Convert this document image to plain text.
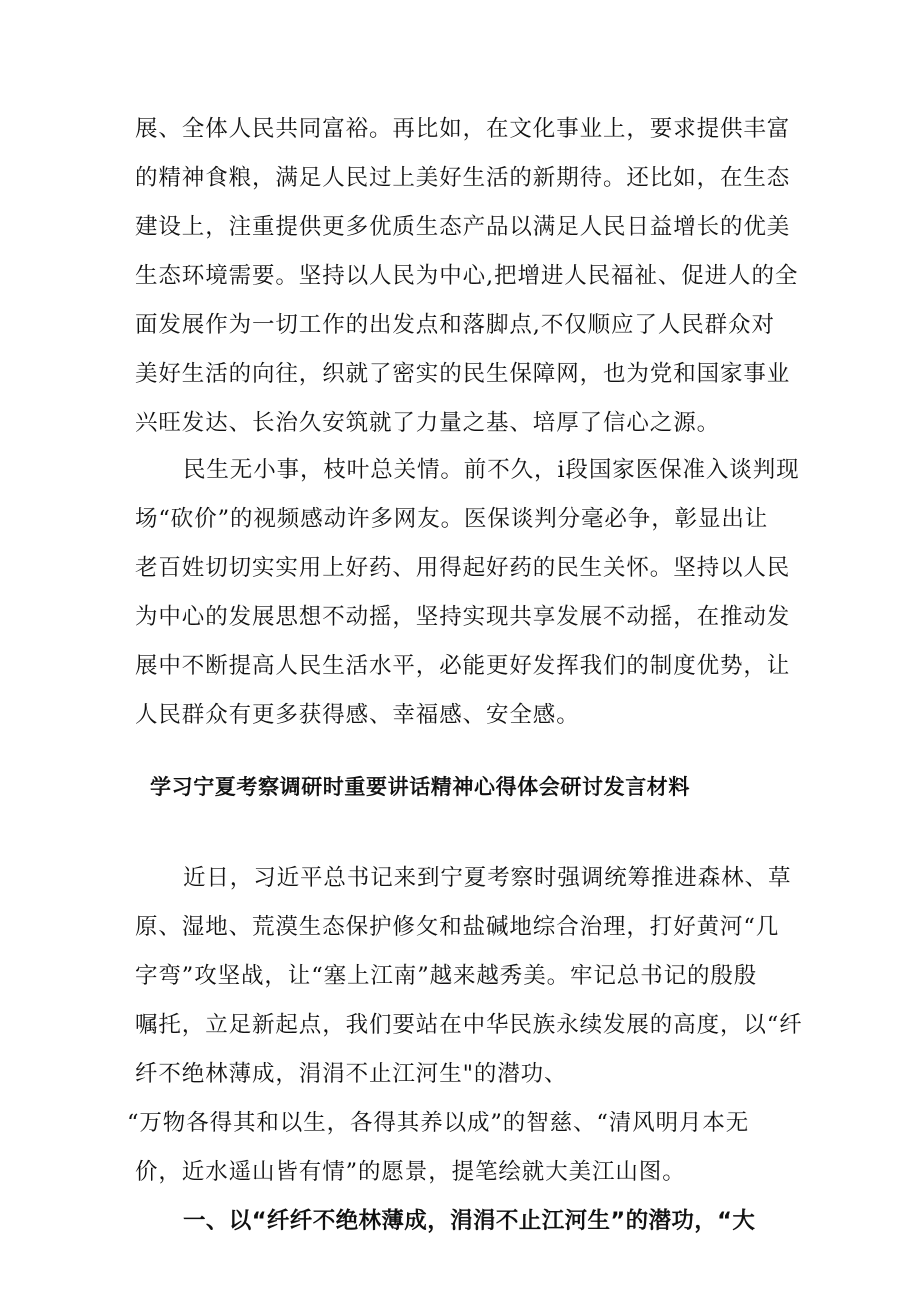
展、全体人民共同富裕。再比如，在文化事业上，要求提供丰富
的精神食粮，满足人民过上美好生活的新期待。还比如，在生态
建设上，注重提供更多优质生态产品以满足人民日益增长的优美
生态环境需要。坚持以人民为中心,把增进人民福祉、促进人的全
面发展作为一切工作的出发点和落脚点,不仅顺应了人民群众对
美好生活的向往，织就了密实的民生保障网，也为党和国家事业
兴旺发达、长治久安筑就了力量之基、培厚了信心之源。
民生无小事，枝叶总关情。前不久，i段国家医保准入谈判现
场“砍价”的视频感动许多网友。医保谈判分毫必争，彰显出让
老百姓切切实实用上好药、用得起好药的民生关怀。坚持以人民
为中心的发展思想不动摇，坚持实现共享发展不动摇，在推动发
展中不断提高人民生活水平，必能更好发挥我们的制度优势，让
人民群众有更多获得感、幸福感、安全感。
学习宁夏考察调研时重要讲话精神心得体会研讨发言材料
近日，习近平总书记来到宁夏考察时强调统筹推进森林、草
原、湿地、荒漠生态保护修攵和盐碱地综合治理，打好黄河“几
字弯”攻坚战，让“塞上江南”越来越秀美。牢记总书记的殷殷
嘱托，立足新起点，我们要站在中华民族永续发展的高度，以“纤
纤不绝林薄成，涓涓不止江河生"的潜功、
“万物各得其和以生，各得其养以成”的智慈、“清风明月本无
价，近水遥山皆有情”的愿景，提笔绘就大美江山图。
一、以“纤纤不绝林薄成，涓涓不止江河生”的潜功，“大
